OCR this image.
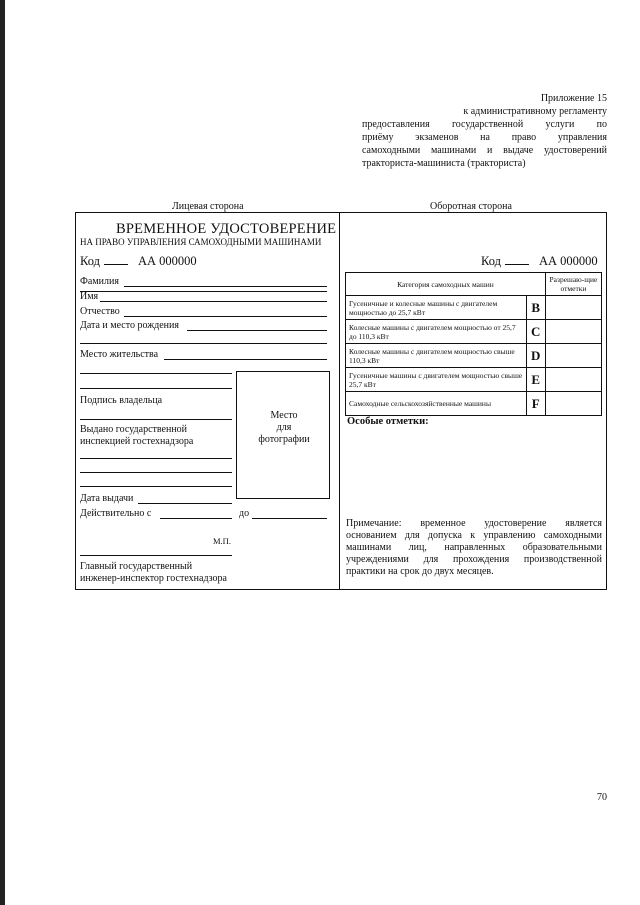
Приложение 15
к административному регламенту
предоставления государственной услуги по
приёму экзаменов на право управления
самоходными машинами и выдаче удостоверений
тракториста-машиниста (тракториста)
Лицевая сторона	Оборотная сторона
ВРЕМЕННОЕ УДОСТОВЕРЕНИЕ
НА ПРАВО УПРАВЛЕНИЯ САМОХОДНЫМИ МАШИНАМИ
Код	АА 000000
Фамилия
Имя
Отчество
Дата и место рождения
Место жительства
Подпись владельца
Выдано государственной
инспекцией гостехнадзора
Место
для
фотографии
Дата выдачи
Действительно с	до
М.П.
Главный государственный
инженер-инспектор гостехнадзора
Код	АА 000000
Категория самоходных машин		Разрешаю-щие отметки
Гусеничные и колесные машины с двигателем мощностью до 25,7 кВт	B	
Колесные машины с двигателем мощностью от 25,7 до 110,3 кВт	C	
Колесные машины с двигателем мощностью свыше 110,3 кВт	D	
Гусеничные машины с двигателем мощностью свыше 25,7 кВт	E	
Самоходные сельскохозяйственные машины	F	
Особые отметки:
Примечание: временное удостоверение является основанием для допуска к управлению самоходными машинами лиц, направленных образовательными учреждениями для прохождения производственной практики на срок до двух месяцев.
70
